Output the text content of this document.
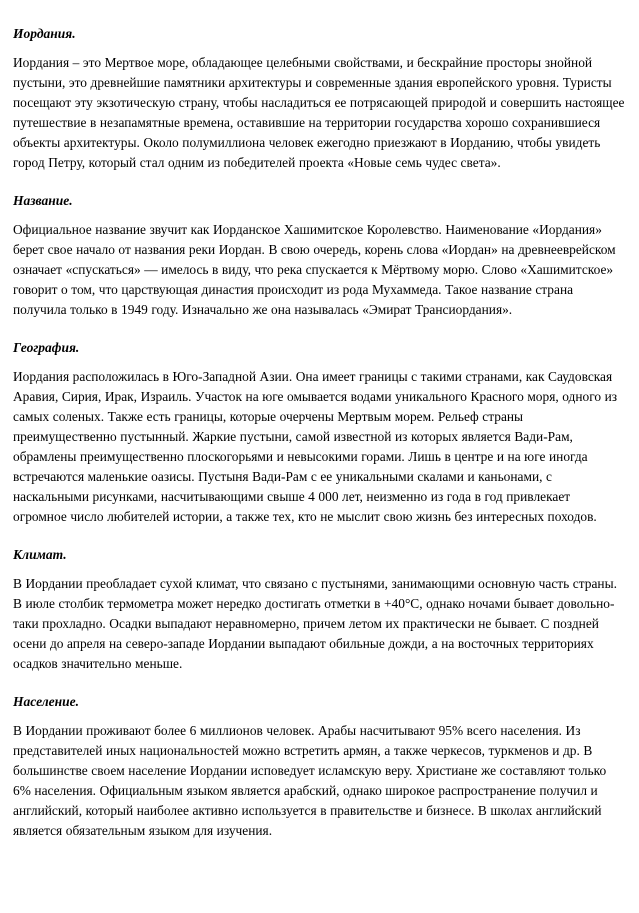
Иордания.

Иордания – это Мертвое море, обладающее целебными свойствами, и бескрайние просторы знойной пустыни, это древнейшие памятники архитектуры и современные здания европейского уровня. Туристы посещают эту экзотическую страну, чтобы насладиться ее потрясающей природой и совершить настоящее путешествие в незапамятные времена, оставившие на территории государства хорошо сохранившиеся объекты архитектуры. Около полумиллиона человек ежегодно приезжают в Иорданию, чтобы увидеть город Петру, который стал одним из победителей проекта «Новые семь чудес света».

Название.

Официальное название звучит как Иорданское Хашимитское Королевство. Наименование «Иордания» берет свое начало от названия реки Иордан. В свою очередь, корень слова «Иордан» на древнееврейском означает «спускаться» — имелось в виду, что река спускается к Мёртвому морю. Слово «Хашимитское» говорит о том, что царствующая династия происходит из рода Мухаммеда. Такое название страна получила только в 1949 году. Изначально же она называлась «Эмират Трансиордания».

География.

Иордания расположилась в Юго-Западной Азии. Она имеет границы с такими странами, как Саудовская Аравия, Сирия, Ирак, Израиль. Участок на юге омывается водами уникального Красного моря, одного из самых соленых. Также есть границы, которые очерчены Мертвым морем. Рельеф страны преимущественно пустынный. Жаркие пустыни, самой известной из которых является Вади-Рам, обрамлены преимущественно плоскогорьями и невысокими горами. Лишь в центре и на юге иногда встречаются маленькие оазисы. Пустыня Вади-Рам с ее уникальными скалами и каньонами, с наскальными рисунками, насчитывающими свыше 4 000 лет, неизменно из года в год привлекает огромное число любителей истории, а также тех, кто не мыслит свою жизнь без интересных походов.

Климат.

В Иордании преобладает сухой климат, что связано с пустынями, занимающими основную часть страны. В июле столбик термометра может нередко достигать отметки в +40°C, однако ночами бывает довольно-таки прохладно. Осадки выпадают неравномерно, причем летом их практически не бывает. С поздней осени до апреля на северо-западе Иордании выпадают обильные дожди, а на восточных территориях осадков значительно меньше.

Население.

В Иордании проживают более 6 миллионов человек. Арабы насчитывают 95% всего населения. Из представителей иных национальностей можно встретить армян, а также черкесов, туркменов и др. В большинстве своем население Иордании исповедует исламскую веру. Христиане же составляют только 6% населения. Официальным языком является арабский, однако широкое распространение получил и английский, который наиболее активно используется в правительстве и бизнесе. В школах английский является обязательным языком для изучения.
